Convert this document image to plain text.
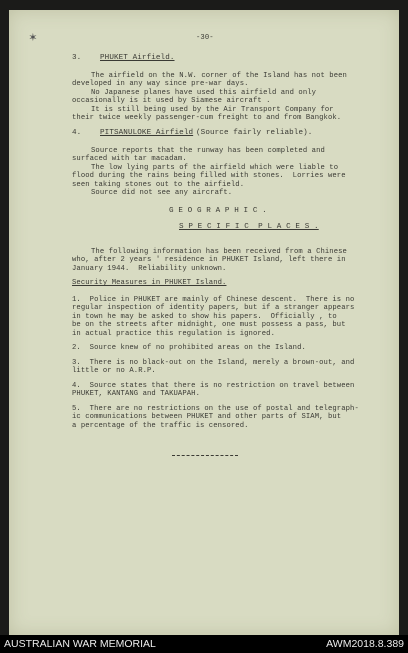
✶	-30-
3. PHUKET Airfield.
The airfield on the N.W. corner of the Island has not been
developed in any way since pre-war days.
No Japanese planes have used this airfield and only
occasionally is it used by Siamese aircraft .
It is still being used by the Air Transport Company for
their twice weekly passenger-cum freight to and from Bangkok.
4. PITSANULOKE Airfield (Source fairly reliable).
Source reports that the runway has been completed and
surfaced with tar macadam.
The low lying parts of the airfield which were liable to
flood during the rains being filled with stones.  Lorries were
seen taking stones out to the airfield.
Source did not see any aircraft.
G E O G R A P H I C .
S P E C I F I C  P L A C E S .
The following information has been received from a Chinese
who, after 2 years ' residence in PHUKET Island, left there in
January 1944.  Reliability unknown.
Security Measures in PHUKET Island.
1.  Police in PHUKET are mainly of Chinese descent.  There is no
regular inspection of identity papers, but if a stranger appears
in town he may be asked to show his papers.  Officially , to
be on the streets after midnight, one must possess a pass, but
in actual practice this regulation is ignored.
2.  Source knew of no prohibited areas on the Island.
3.  There is no black-out on the Island, merely a brown-out, and
little or no A.R.P.
4.  Source states that there is no restriction on travel between
PHUKET, KANTANG and TAKUAPAH.
5.  There are no restrictions on the use of postal and telegraph-
ic communications between PHUKET and other parts of SIAM, but
a percentage of the traffic is censored.
AUSTRALIAN WAR MEMORIAL	AWM2018.8.389
